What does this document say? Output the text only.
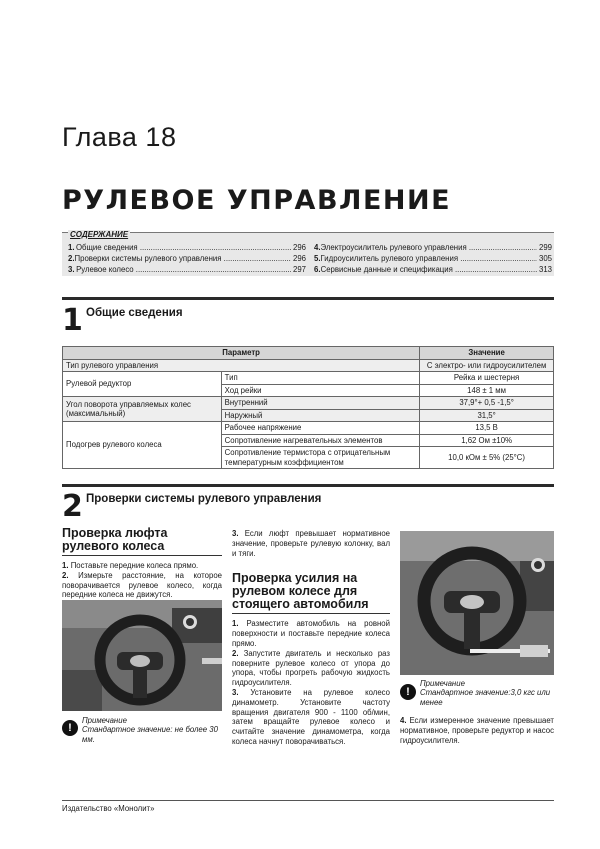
Глава 18
РУЛЕВОЕ УПРАВЛЕНИЕ
СОДЕРЖАНИЕ
1. Общие сведения .....	296
2. Проверки системы рулевого управления .....	296
3. Рулевое колесо .....	297
4. Электроусилитель рулевого управления .....	299
5. Гидроусилитель рулевого управления .....	305
6. Сервисные данные и спецификация .....	313
1 Общие сведения
Параметр		Значение
Тип рулевого управления		С электро- или гидроусилителем
Рулевой редуктор	Тип	Рейка и шестерня
	Ход рейки	148 ± 1 мм
Угол поворота управляемых колес (максимальный)	Внутренний	37,9°+ 0,5 -1,5°
	Наружный	31,5°
Подогрев рулевого колеса	Рабочее напряжение	13,5 В
	Сопротивление нагревательных элементов	1,62 Ом ±10%
	Сопротивление термистора с отрицательным температурным коэффициентом	10,0 кОм ± 5% (25°C)
2 Проверки системы рулевого управления
Проверка люфта рулевого колеса
1. Поставьте передние колеса прямо.
2. Измерьте расстояние, на которое поворачивается рулевое колесо, когда передние колеса не движутся.
!
Примечание
Стандартное значение: не более 30 мм.
3. Если люфт превышает нормативное значение, проверьте рулевую колонку, вал и тяги.
Проверка усилия на рулевом колесе для стоящего автомобиля
1. Разместите автомобиль на ровной поверхности и поставьте передние колеса прямо.
2. Запустите двигатель и несколько раз поверните рулевое колесо от упора до упора, чтобы прогреть рабочую жидкость гидроусилителя.
3. Установите на рулевое колесо динамометр. Установите частоту вращения двигателя 900 - 1100 об/мин, затем вращайте рулевое колесо и считайте значение динамометра, когда колеса начнут поворачиваться.
!
Примечание
Стандартное значение:3,0 кгс или менее
4. Если измеренное значение превышает нормативное, проверьте редуктор и насос гидроусилителя.
Издательство «Монолит»
